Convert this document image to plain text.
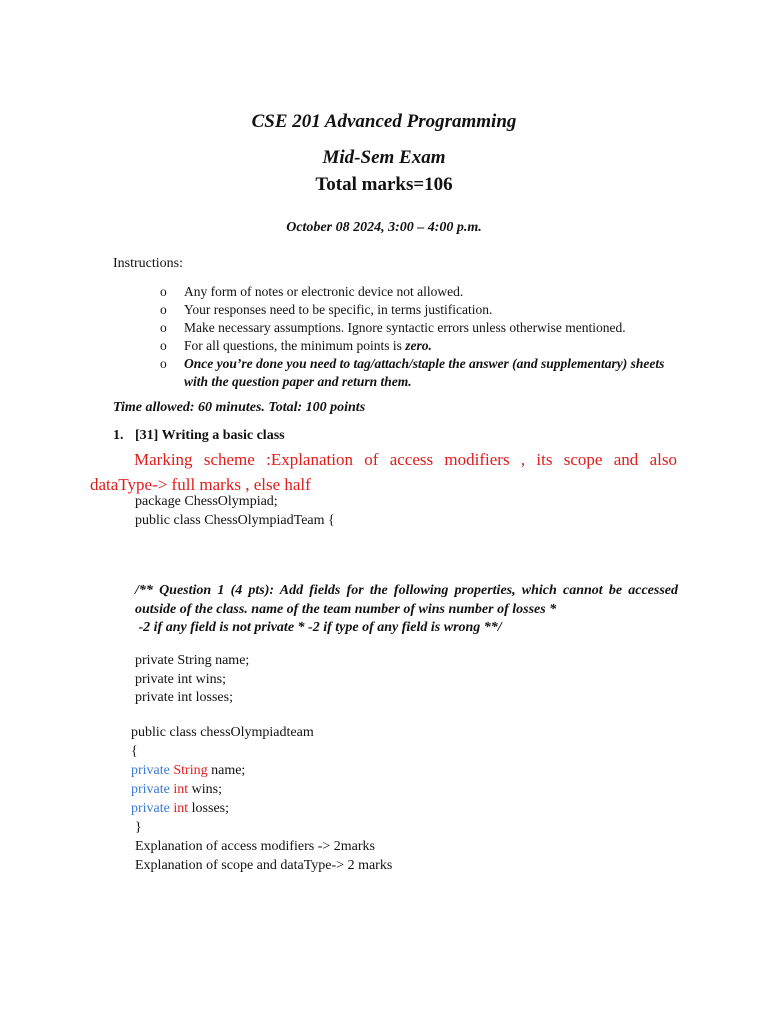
CSE 201 Advanced Programming
Mid-Sem Exam
Total marks=106
October 08 2024, 3:00 – 4:00 p.m.
Instructions:
o Any form of notes or electronic device not allowed.
o Your responses need to be specific, in terms justification.
o Make necessary assumptions. Ignore syntactic errors unless otherwise mentioned.
o For all questions, the minimum points is zero.
o Once you’re done you need to tag/attach/staple the answer (and supplementary) sheets
with the question paper and return them.
Time allowed: 60 minutes. Total: 100 points
1. [31] Writing a basic class
Marking scheme :Explanation of access modifiers , its scope and also
dataType-> full marks , else half
package ChessOlympiad;
public class ChessOlympiadTeam {
/** Question 1 (4 pts): Add fields for the following properties, which cannot be accessed
outside of the class. name of the team number of wins number of losses *
-2 if any field is not private * -2 if type of any field is wrong **/
private String name;
private int wins;
private int losses;
public class chessOlympiadteam
{
private String name;
private int wins;
private int losses;
}
Explanation of access modifiers -> 2marks
Explanation of scope and dataType-> 2 marks
